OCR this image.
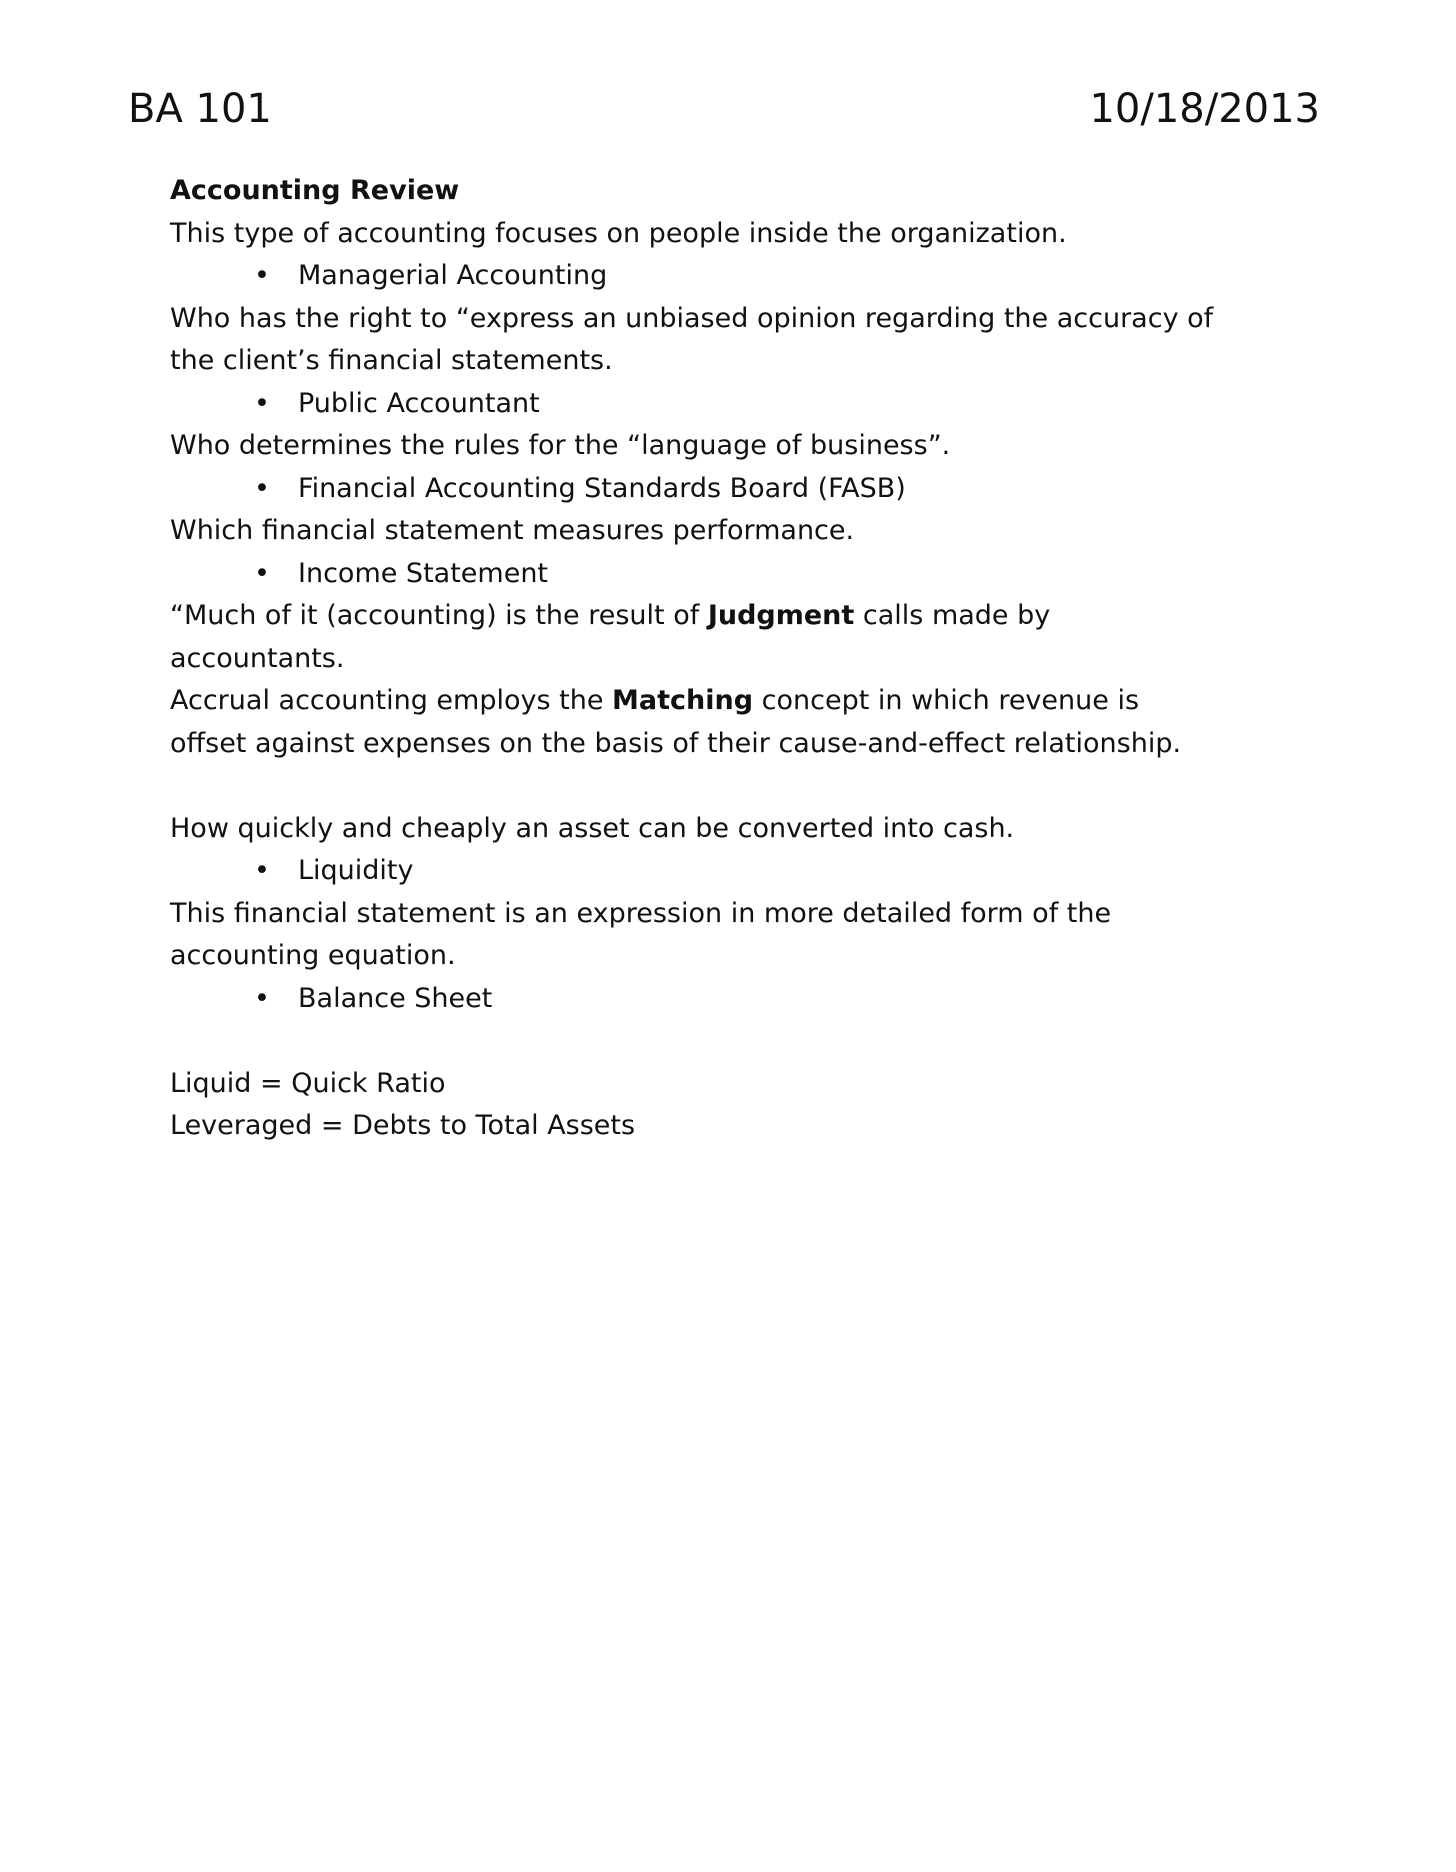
BA 101	10/18/2013

Accounting Review

This type of accounting focuses on people inside the organization.

• Managerial Accounting

Who has the right to “express an unbiased opinion regarding the accuracy of

the client’s financial statements.

• Public Accountant

Who determines the rules for the “language of business”.

• Financial Accounting Standards Board (FASB)

Which financial statement measures performance.

• Income Statement

“Much of it (accounting) is the result of Judgment calls made by

accountants.

Accrual accounting employs the Matching concept in which revenue is

offset against expenses on the basis of their cause-and-effect relationship.

How quickly and cheaply an asset can be converted into cash.

• Liquidity

This financial statement is an expression in more detailed form of the

accounting equation.

• Balance Sheet

Liquid = Quick Ratio

Leveraged = Debts to Total Assets
